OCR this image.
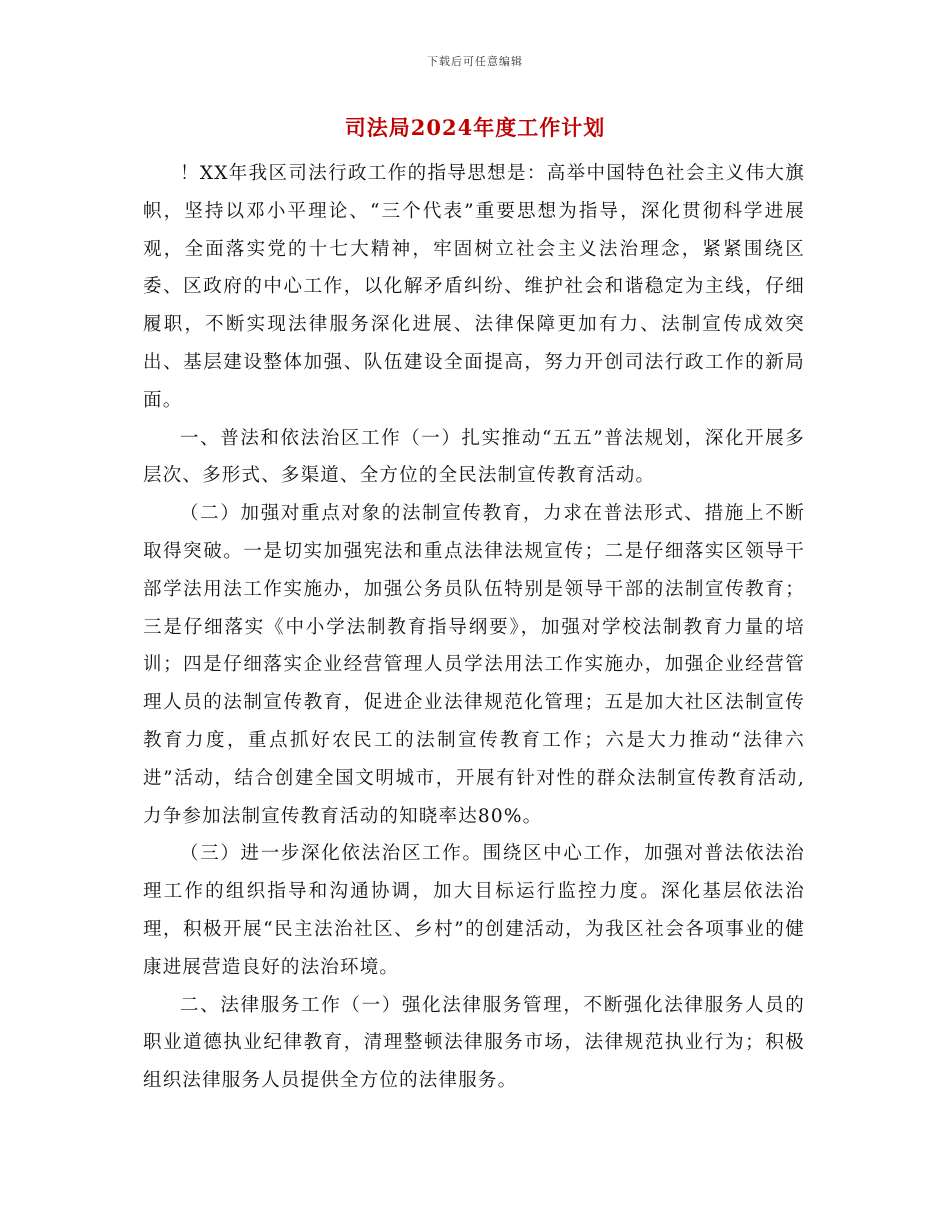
下载后可任意编辑
司法局2024年度工作计划

！XX年我区司法行政工作的指导思想是：高举中国特色社会主义伟大旗帜，坚持以邓小平理论、“三个代表”重要思想为指导，深化贯彻科学进展观，全面落实党的十七大精神，牢固树立社会主义法治理念，紧紧围绕区委、区政府的中心工作，以化解矛盾纠纷、维护社会和谐稳定为主线，仔细履职，不断实现法律服务深化进展、法律保障更加有力、法制宣传成效突出、基层建设整体加强、队伍建设全面提高，努力开创司法行政工作的新局面。

一、普法和依法治区工作（一）扎实推动“五五”普法规划，深化开展多层次、多形式、多渠道、全方位的全民法制宣传教育活动。

（二）加强对重点对象的法制宣传教育，力求在普法形式、措施上不断取得突破。一是切实加强宪法和重点法律法规宣传；二是仔细落实区领导干部学法用法工作实施办，加强公务员队伍特别是领导干部的法制宣传教育；三是仔细落实《中小学法制教育指导纲要》，加强对学校法制教育力量的培训；四是仔细落实企业经营管理人员学法用法工作实施办，加强企业经营管理人员的法制宣传教育，促进企业法律规范化管理；五是加大社区法制宣传教育力度，重点抓好农民工的法制宣传教育工作；六是大力推动“法律六进”活动，结合创建全国文明城市，开展有针对性的群众法制宣传教育活动,力争参加法制宣传教育活动的知晓率达80%。

（三）进一步深化依法治区工作。围绕区中心工作，加强对普法依法治理工作的组织指导和沟通协调，加大目标运行监控力度。深化基层依法治理，积极开展“民主法治社区、乡村”的创建活动，为我区社会各项事业的健康进展营造良好的法治环境。

二、法律服务工作（一）强化法律服务管理，不断强化法律服务人员的职业道德执业纪律教育，清理整顿法律服务市场，法律规范执业行为；积极组织法律服务人员提供全方位的法律服务。
